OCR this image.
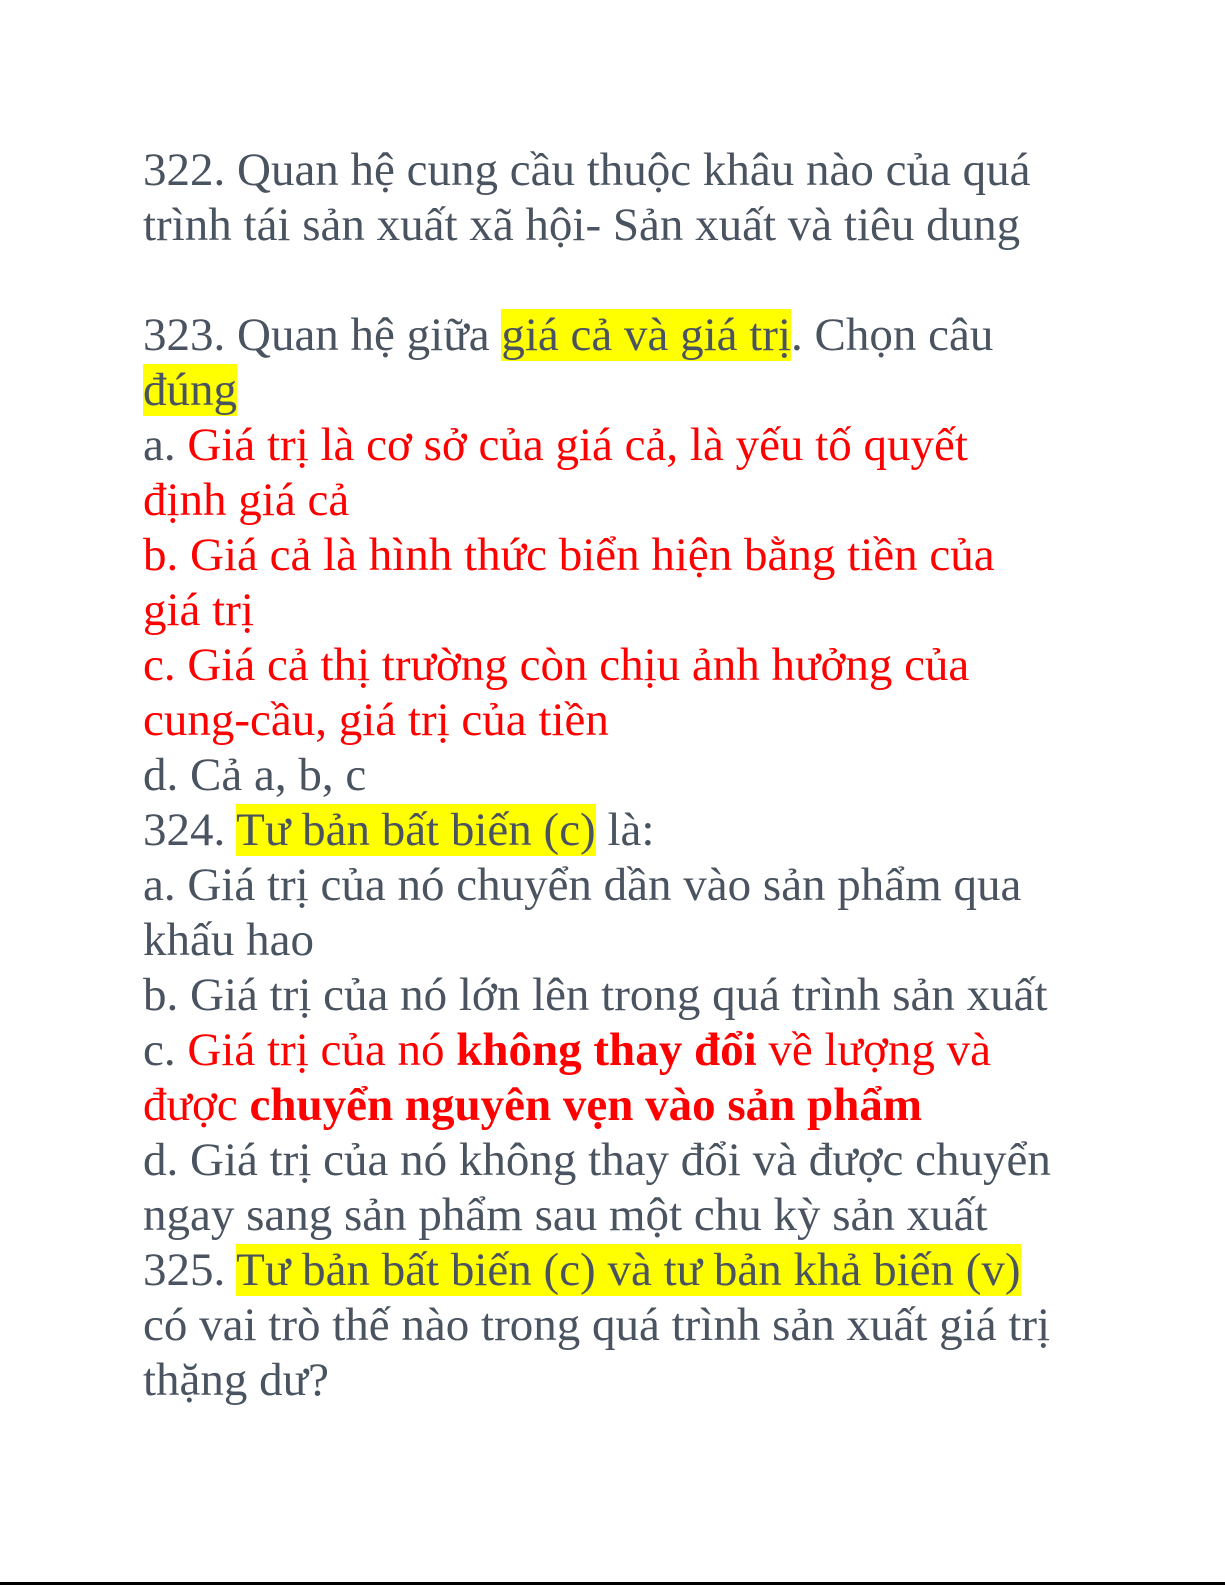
322. Quan hệ cung cầu thuộc khâu nào của quá
trình tái sản xuất xã hội- Sản xuất và tiêu dung
323. Quan hệ giữa giá cả và giá trị. Chọn câu
đúng
a. Giá trị là cơ sở của giá cả, là yếu tố quyết
định giá cả
b. Giá cả là hình thức biển hiện bằng tiền của
giá trị
c. Giá cả thị trường còn chịu ảnh hưởng của
cung-cầu, giá trị của tiền
d. Cả a, b, c
324. Tư bản bất biến (c) là:
a. Giá trị của nó chuyển dần vào sản phẩm qua
khấu hao
b. Giá trị của nó lớn lên trong quá trình sản xuất
c. Giá trị của nó không thay đổi về lượng và
được chuyển nguyên vẹn vào sản phẩm
d. Giá trị của nó không thay đổi và được chuyển
ngay sang sản phẩm sau một chu kỳ sản xuất
325. Tư bản bất biến (c) và tư bản khả biến (v)
có vai trò thế nào trong quá trình sản xuất giá trị
thặng dư?
